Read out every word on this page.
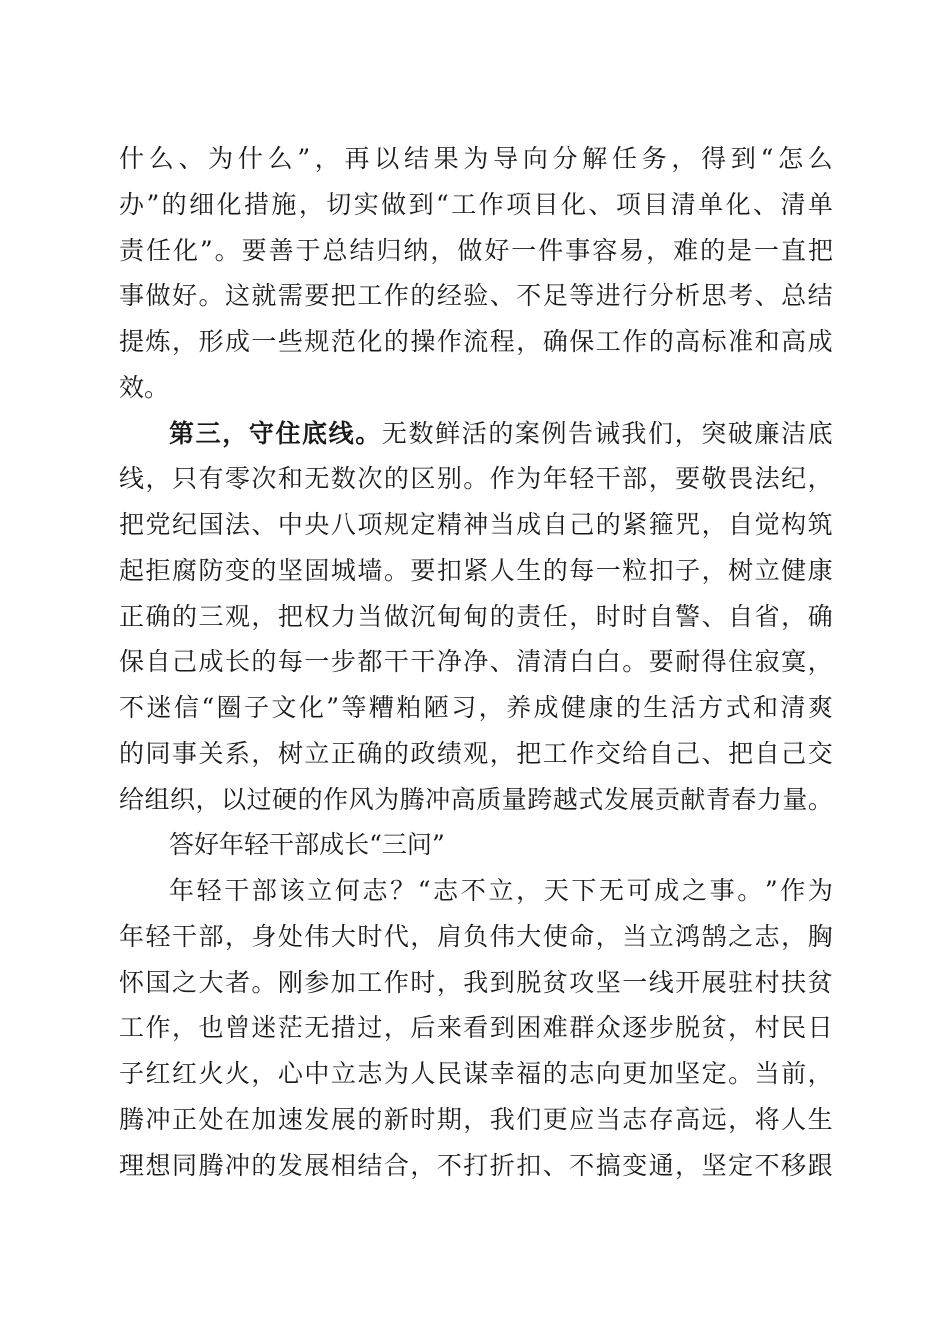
什 么 、 为 什 么 ” ， 再 以 结 果 为 导 向 分 解 任 务 ， 得 到 “ 怎 么
办 ” 的 细 化 措 施 ， 切 实 做 到 “ 工 作 项 目 化 、 项 目 清 单 化 、 清 单
责 任 化 ” 。 要 善 于 总 结 归 纳 ， 做 好 一 件 事 容 易 ， 难 的 是 一 直 把
事 做 好 。 这 就 需 要 把 工 作 的 经 验 、 不 足 等 进 行 分 析 思 考 、 总 结
提 炼 ， 形 成 一 些 规 范 化 的 操 作 流 程 ， 确 保 工 作 的 高 标 准 和 高 成
效 。
第 三 ， 守 住 底 线 。 无 数 鲜 活 的 案 例 告 诫 我 们 ， 突 破 廉 洁 底
线 ， 只 有 零 次 和 无 数 次 的 区 别 。 作 为 年 轻 干 部 ， 要 敬 畏 法 纪 ，
把 党 纪 国 法 、 中 央 八 项 规 定 精 神 当 成 自 己 的 紧 箍 咒 ， 自 觉 构 筑
起 拒 腐 防 变 的 坚 固 城 墙 。 要 扣 紧 人 生 的 每 一 粒 扣 子 ， 树 立 健 康
正 确 的 三 观 ， 把 权 力 当 做 沉 甸 甸 的 责 任 ， 时 时 自 警 、 自 省 ， 确
保 自 己 成 长 的 每 一 步 都 干 干 净 净 、 清 清 白 白 。 要 耐 得 住 寂 寞 ，
不 迷 信 “ 圈 子 文 化 ” 等 糟 粕 陋 习 ， 养 成 健 康 的 生 活 方 式 和 清 爽
的 同 事 关 系 ， 树 立 正 确 的 政 绩 观 ， 把 工 作 交 给 自 己 、 把 自 己 交
给 组 织 ， 以 过 硬 的 作 风 为 腾 冲 高 质 量 跨 越 式 发 展 贡 献 青 春 力 量 。
答 好 年 轻 干 部 成 长 “ 三 问 ”
年 轻 干 部 该 立 何 志 ？ “ 志 不 立 ， 天 下 无 可 成 之 事 。 ” 作 为
年 轻 干 部 ， 身 处 伟 大 时 代 ， 肩 负 伟 大 使 命 ， 当 立 鸿 鹄 之 志 ， 胸
怀 国 之 大 者 。 刚 参 加 工 作 时 ， 我 到 脱 贫 攻 坚 一 线 开 展 驻 村 扶 贫
工 作 ， 也 曾 迷 茫 无 措 过 ， 后 来 看 到 困 难 群 众 逐 步 脱 贫 ， 村 民 日
子 红 红 火 火 ， 心 中 立 志 为 人 民 谋 幸 福 的 志 向 更 加 坚 定 。 当 前 ，
腾 冲 正 处 在 加 速 发 展 的 新 时 期 ， 我 们 更 应 当 志 存 高 远 ， 将 人 生
理 想 同 腾 冲 的 发 展 相 结 合 ， 不 打 折 扣 、 不 搞 变 通 ， 坚 定 不 移 跟
